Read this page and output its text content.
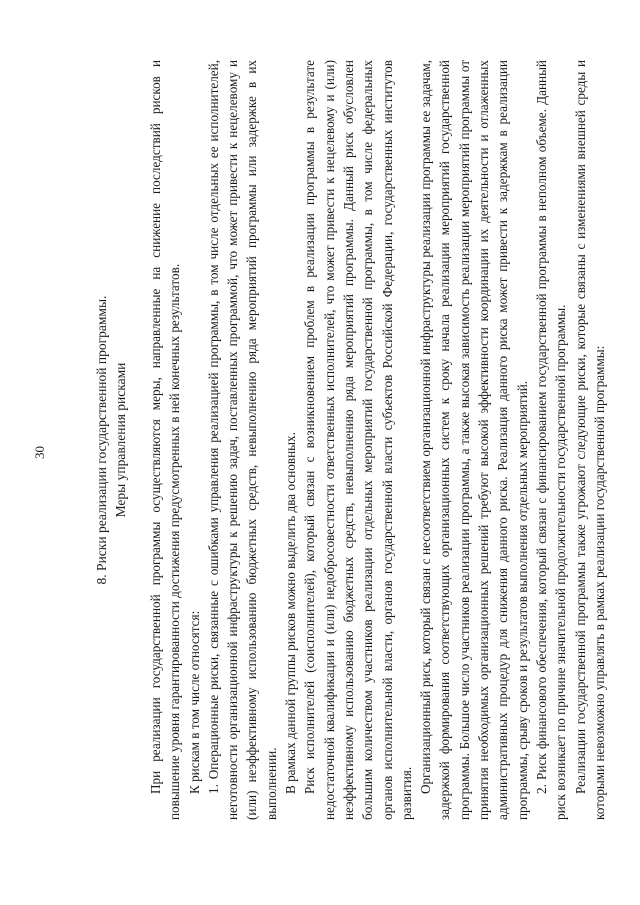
30	8. Риски реализации государственной программы. Меры управления рисками При реализации государственной программы осуществляются меры, направленные на снижение последствий рисков и повышение уровня гарантированности достижения предусмотренных в ней конечных результатов. К рискам в том числе относятся: 1. Операционные риски, связанные с ошибками управления реализацией программы, в том числе отдельных ее исполнителей, неготовности организационной инфраструктуры к решению задач, поставленных программой, что может привести к нецелевому и (или) неэффективному использованию бюджетных средств, невыполнению ряда мероприятий программы или задержке в их выполнении. В рамках данной группы рисков можно выделить два основных. Риск исполнителей (соисполнителей), который связан с возникновением проблем в реализации программы в результате недостаточной квалификации и (или) недобросовестности ответственных исполнителей, что может привести к нецелевому и (или) неэффективному использованию бюджетных средств, невыполнению ряда мероприятий программы. Данный риск обусловлен большим количеством участников реализации отдельных мероприятий государственной программы, в том числе федеральных органов исполнительной власти, органов государственной власти субъектов Российской Федерации, государственных институтов развития. Организационный риск, который связан с несоответствием организационной инфраструктуры реализации программы ее задачам, задержкой формирования соответствующих организационных систем к сроку начала реализации мероприятий государственной программы. Большое число участников реализации программы, а также высокая зависимость реализации мероприятий программы от принятия необходимых организационных решений требуют высокой эффективности координации их деятельности и отлаженных административных процедур для снижения данного риска. Реализация данного риска может привести к задержкам в реализации программы, срыву сроков и результатов выполнения отдельных мероприятий. 2. Риск финансового обеспечения, который связан с финансированием государственной программы в неполном объеме. Данный риск возникает по причине значительной продолжительности государственной программы. Реализации государственной программы также угрожают следующие риски, которые связаны с изменениями внешней среды и которыми невозможно управлять в рамках реализации государственной программы:
